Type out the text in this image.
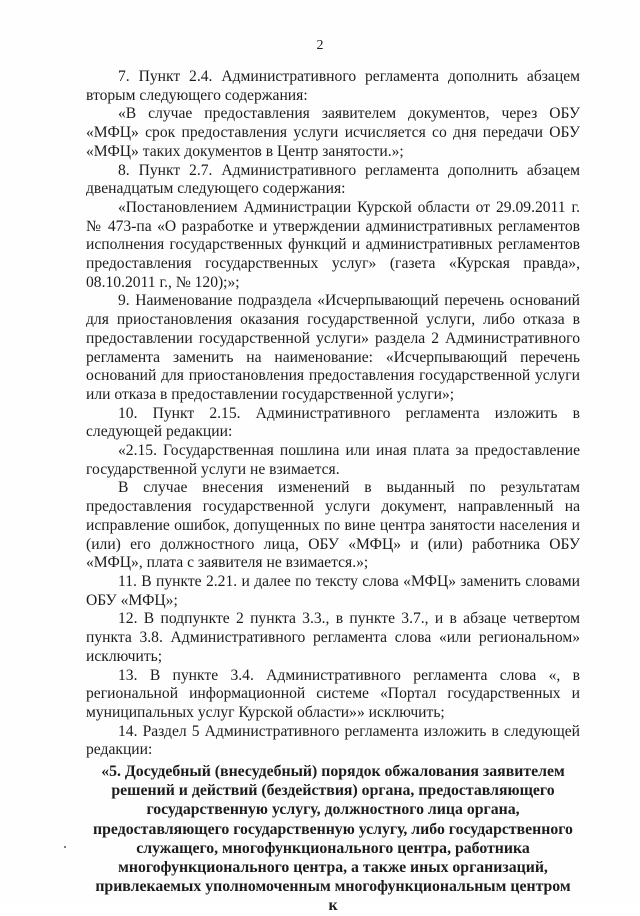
2

7. Пункт 2.4. Административного регламента дополнить абзацем вторым следующего содержания:

«В случае предоставления заявителем документов, через ОБУ «МФЦ» срок предоставления услуги исчисляется со дня передачи ОБУ «МФЦ» таких документов в Центр занятости.»;

8. Пункт 2.7. Административного регламента дополнить абзацем двенадцатым следующего содержания:

«Постановлением Администрации Курской области от 29.09.2011 г. № 473-па «О разработке и утверждении административных регламентов исполнения государственных функций и административных регламентов предоставления государственных услуг» (газета «Курская правда», 08.10.2011 г., № 120);»;

9. Наименование подраздела «Исчерпывающий перечень оснований для приостановления оказания государственной услуги, либо отказа в предоставлении государственной услуги» раздела 2 Административного регламента заменить на наименование: «Исчерпывающий перечень оснований для приостановления предоставления государственной услуги или отказа в предоставлении государственной услуги»;

10. Пункт 2.15. Административного регламента изложить в следующей редакции:

«2.15. Государственная пошлина или иная плата за предоставление государственной услуги не взимается.

В случае внесения изменений в выданный по результатам предоставления государственной услуги документ, направленный на исправление ошибок, допущенных по вине центра занятости населения и (или) его должностного лица, ОБУ «МФЦ» и (или) работника ОБУ «МФЦ», плата с заявителя не взимается.»;

11. В пункте 2.21. и далее по тексту слова «МФЦ» заменить словами ОБУ «МФЦ»;

12. В подпункте 2 пункта 3.3., в пункте 3.7., и в абзаце четвертом пункта 3.8. Административного регламента слова «или региональном» исключить;

13. В пункте 3.4. Административного регламента слова «, в региональной информационной системе «Портал государственных и муниципальных услуг Курской области»» исключить;

14. Раздел 5 Административного регламента изложить в следующей редакции:

«5. Досудебный (внесудебный) порядок обжалования заявителем решений и действий (бездействия) органа, предоставляющего государственную услугу, должностного лица органа, предоставляющего государственную услугу, либо государственного служащего, многофункционального центра, работника многофункционального центра, а также иных организаций, привлекаемых уполномоченным многофункциональным центром к
